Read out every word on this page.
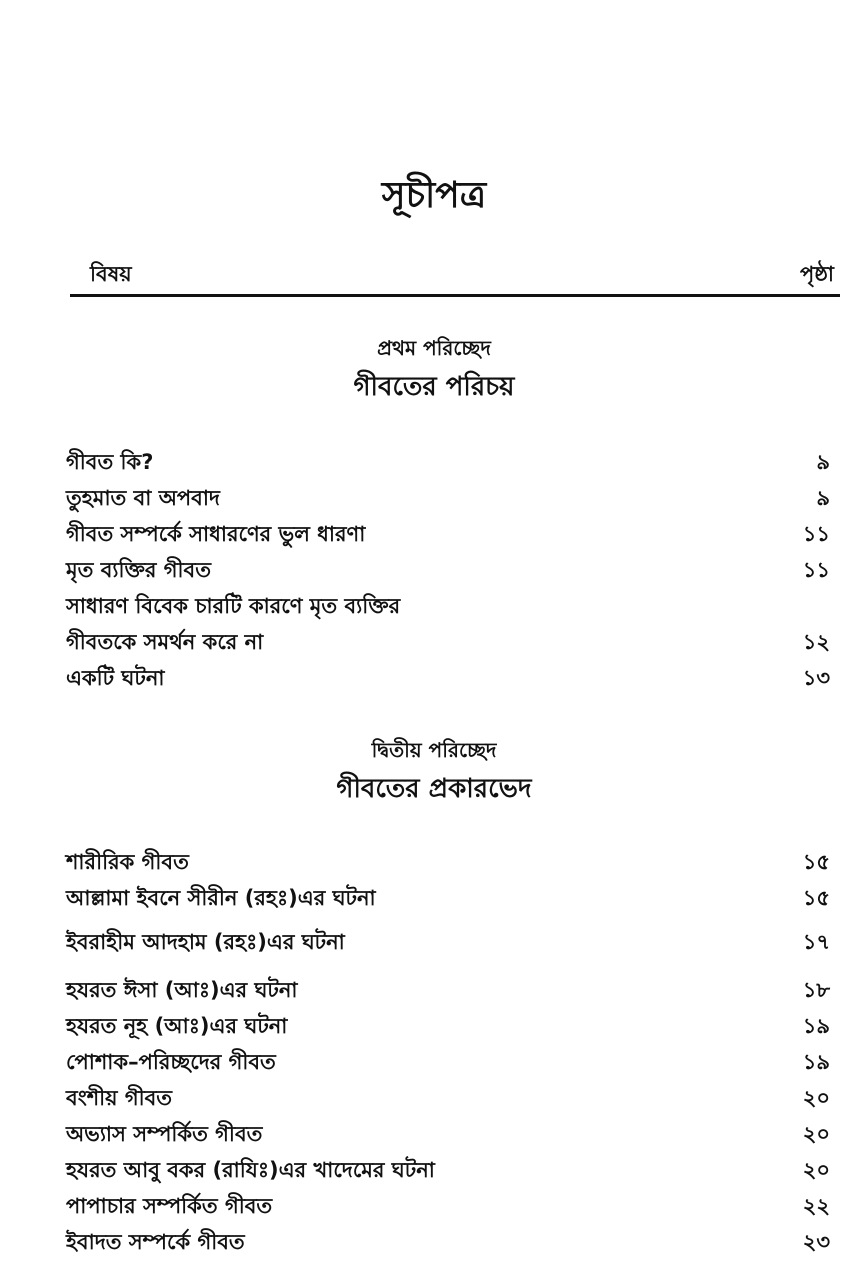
সূচীপত্র
বিষয়	পৃষ্ঠা
প্রথম পরিচ্ছেদ
গীবতের পরিচয়
গীবত কি?	৯
তুহমাত বা অপবাদ	৯
গীবত সম্পর্কে সাধারণের ভুল ধারণা	১১
মৃত ব্যক্তির গীবত	১১
সাধারণ বিবেক চারটি কারণে মৃত ব্যক্তির
গীবতকে সমর্থন করে না	১২
একটি ঘটনা	১৩
দ্বিতীয় পরিচ্ছেদ
গীবতের প্রকারভেদ
শারীরিক গীবত	১৫
আল্লামা ইবনে সীরীন (রহঃ)এর ঘটনা	১৫
ইবরাহীম আদহাম (রহঃ)এর ঘটনা	১৭
হযরত ঈসা (আঃ)এর ঘটনা	১৮
হযরত নূহ (আঃ)এর ঘটনা	১৯
পোশাক–পরিচ্ছদের গীবত	১৯
বংশীয় গীবত	২০
অভ্যাস সম্পর্কিত গীবত	২০
হযরত আবু বকর (রাযিঃ)এর খাদেমের ঘটনা	২০
পাপাচার সম্পর্কিত গীবত	২২
ইবাদত সম্পর্কে গীবত	২৩
